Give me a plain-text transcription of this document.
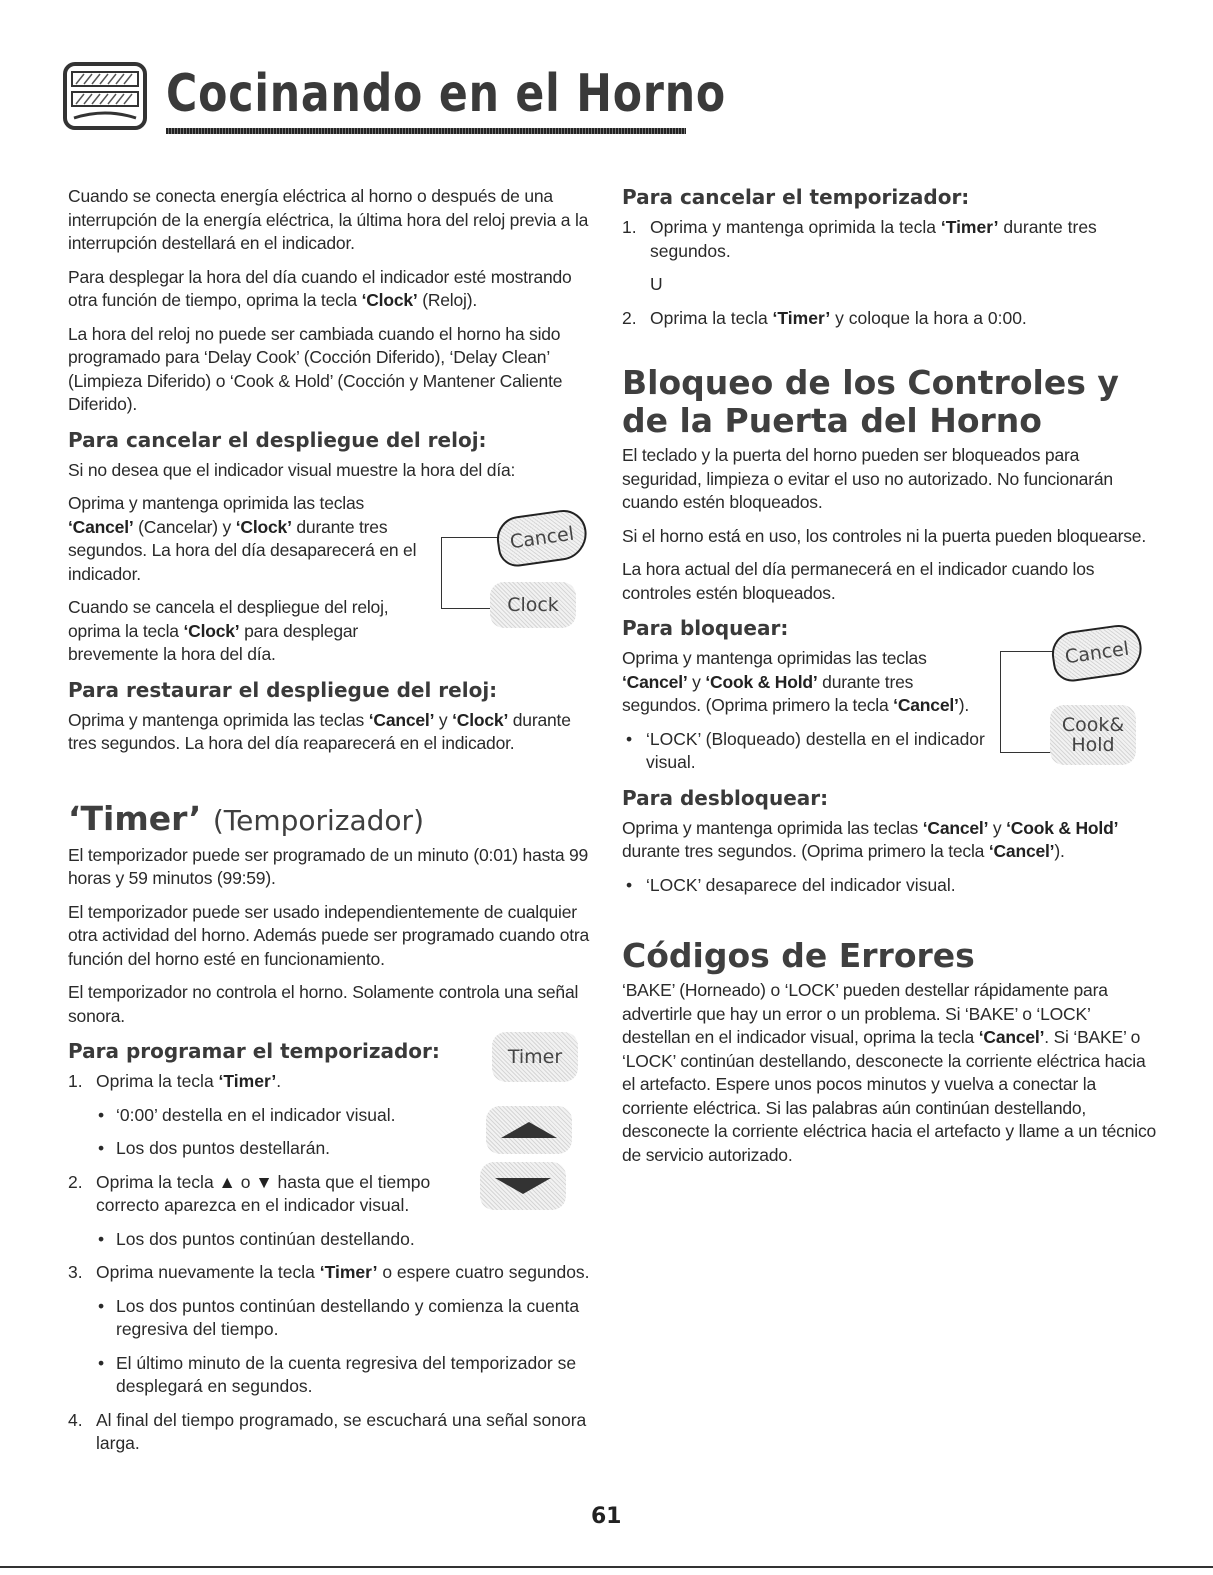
Cocinando en el Horno

Cuando se conecta energía eléctrica al horno o después de una interrupción de la energía eléctrica, la última hora del reloj previa a la interrupción destellará en el indicador.

Para desplegar la hora del día cuando el indicador esté mostrando otra función de tiempo, oprima la tecla ‘Clock’ (Reloj).

La hora del reloj no puede ser cambiada cuando el horno ha sido programado para ‘Delay Cook’ (Cocción Diferido), ‘Delay Clean’ (Limpieza Diferido) o ‘Cook & Hold’ (Cocción y Mantener Caliente Diferido).

Para cancelar el despliegue del reloj:

Si no desea que el indicador visual muestre la hora del día:

Oprima y mantenga oprimida las teclas ‘Cancel’ (Cancelar) y ‘Clock’ durante tres segundos. La hora del día desaparecerá en el indicador.

Cuando se cancela el despliegue del reloj, oprima la tecla ‘Clock’ para desplegar brevemente la hora del día.

Para restaurar el despliegue del reloj:

Oprima y mantenga oprimida las teclas ‘Cancel’ y ‘Clock’ durante tres segundos. La hora del día reaparecerá en el indicador.

‘Timer’ (Temporizador)

El temporizador puede ser programado de un minuto (0:01) hasta 99 horas y 59 minutos (99:59).

El temporizador puede ser usado independientemente de cualquier otra actividad del horno. Además puede ser programado cuando otra función del horno esté en funcionamiento.

El temporizador no controla el horno. Solamente controla una señal sonora.

Para programar el temporizador:
1. Oprima la tecla ‘Timer’.
• ‘0:00’ destella en el indicador visual.
• Los dos puntos destellarán.
2. Oprima la tecla ▲ o ▼ hasta que el tiempo correcto aparezca en el indicador visual.
• Los dos puntos continúan destellando.
3. Oprima nuevamente la tecla ‘Timer’ o espere cuatro segundos.
• Los dos puntos continúan destellando y comienza la cuenta regresiva del tiempo.
• El último minuto de la cuenta regresiva del temporizador se desplegará en segundos.
4. Al final del tiempo programado, se escuchará una señal sonora larga.
Cancel
Clock
Timer
Para cancelar el temporizador:
1. Oprima y mantenga oprimida la tecla ‘Timer’ durante tres segundos.

U

2. Oprima la tecla ‘Timer’ y coloque la hora a 0:00.
Bloqueo de los Controles y de la Puerta del Horno

El teclado y la puerta del horno pueden ser bloqueados para seguridad, limpieza o evitar el uso no autorizado. No funcionarán cuando estén bloqueados.

Si el horno está en uso, los controles ni la puerta pueden bloquearse.

La hora actual del día permanecerá en el indicador cuando los controles estén bloqueados.

Para bloquear:

Oprima y mantenga oprimidas las teclas ‘Cancel’ y ‘Cook & Hold’ durante tres segundos. (Oprima primero la tecla ‘Cancel’).

• ‘LOCK’ (Bloqueado) destella en el indicador visual.
Para desbloquear:

Oprima y mantenga oprimida las teclas ‘Cancel’ y ‘Cook & Hold’ durante tres segundos. (Oprima primero la tecla ‘Cancel’).

• ‘LOCK’ desaparece del indicador visual.
Códigos de Errores

‘BAKE’ (Horneado) o ‘LOCK’ pueden destellar rápidamente para advertirle que hay un error o un problema. Si ‘BAKE’ o ‘LOCK’ destellan en el indicador visual, oprima la tecla ‘Cancel’. Si ‘BAKE’ o ‘LOCK’ continúan destellando, desconecte la corriente eléctrica hacia el artefacto. Espere unos pocos minutos y vuelva a conectar la corriente eléctrica. Si las palabras aún continúan destellando, desconecte la corriente eléctrica hacia el artefacto y llame a un técnico de servicio autorizado.

Cancel
Cook&
Hold

61
